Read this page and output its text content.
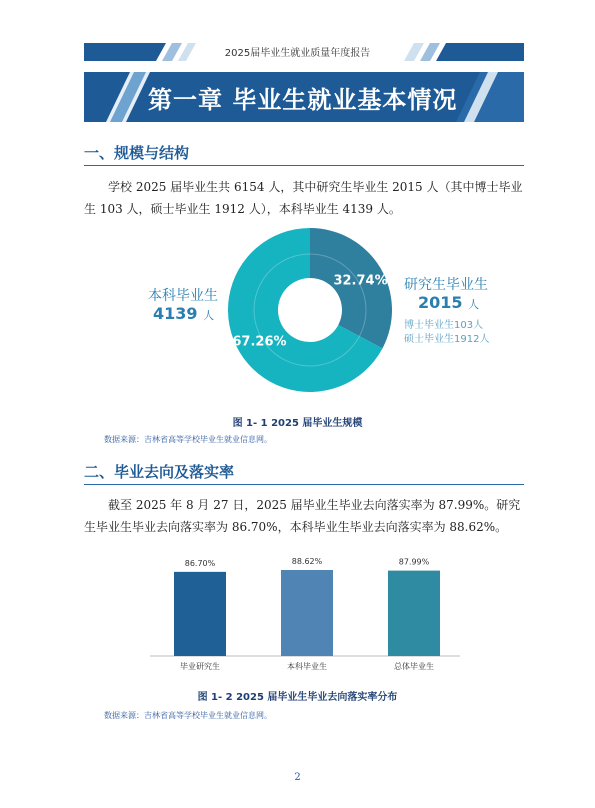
2025届毕业生就业质量年度报告
第一章 毕业生就业基本情况
一、规模与结构
学校 2025 届毕业生共 6154 人，其中研究生毕业生 2015 人（其中博士毕业生 103 人，硕士毕业生 1912 人），本科毕业生 4139 人。
32.74%
67.26%
本科毕业生
4139 人
研究生毕业生
2015 人
博士毕业生103人
硕士毕业生1912人
图 1- 1 2025 届毕业生规模
数据来源：吉林省高等学校毕业生就业信息网。
二、毕业去向及落实率
截至 2025 年 8 月 27 日，2025 届毕业生毕业去向落实率为 87.99%。研究生毕业生毕业去向落实率为 86.70%，本科毕业生毕业去向落实率为 88.62%。
86.70%
毕业研究生
88.62%
本科毕业生
87.99%
总体毕业生
图 1- 2 2025 届毕业生毕业去向落实率分布
数据来源：吉林省高等学校毕业生就业信息网。
2
